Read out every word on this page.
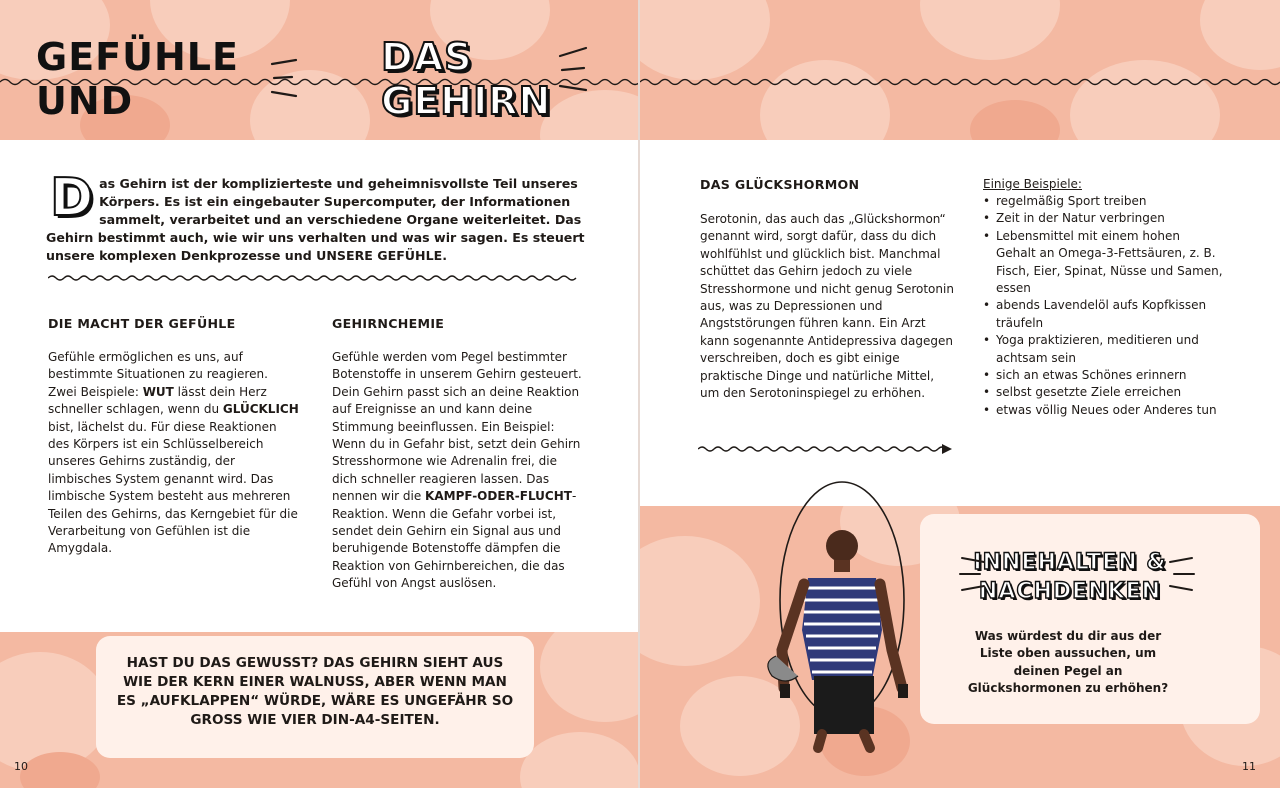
GEFÜHLE UND
DAS GEHIRN
D as Gehirn ist der komplizierteste und geheimnisvollste Teil unseres Körpers. Es ist ein eingebauter Supercomputer, der Informationen sammelt, verarbeitet und an verschiedene Organe weiterleitet. Das Gehirn bestimmt auch, wie wir uns verhalten und was wir sagen. Es steuert unsere komplexen Denkprozesse und UNSERE GEFÜHLE.
DIE MACHT DER GEFÜHLE
Gefühle ermöglichen es uns, auf bestimmte Situationen zu reagieren. Zwei Beispiele: WUT lässt dein Herz schneller schlagen, wenn du GLÜCKLICH bist, lächelst du. Für diese Reaktionen des Körpers ist ein Schlüsselbereich unseres Gehirns zuständig, der limbisches System genannt wird. Das limbische System besteht aus mehreren Teilen des Gehirns, das Kerngebiet für die Verarbeitung von Gefühlen ist die Amygdala.
GEHIRNCHEMIE
Gefühle werden vom Pegel bestimmter Botenstoffe in unserem Gehirn gesteuert. Dein Gehirn passt sich an deine Reaktion auf Ereignisse an und kann deine Stimmung beeinflussen. Ein Beispiel: Wenn du in Gefahr bist, setzt dein Gehirn Stresshormone wie Adrenalin frei, die dich schneller reagieren lassen. Das nennen wir die KAMPF-ODER-FLUCHT-Reaktion. Wenn die Gefahr vorbei ist, sendet dein Gehirn ein Signal aus und beruhigende Botenstoffe dämpfen die Reaktion von Gehirnbereichen, die das Gefühl von Angst auslösen.
HAST DU DAS GEWUSST? DAS GEHIRN SIEHT AUS WIE DER KERN EINER WALNUSS, ABER WENN MAN ES „AUFKLAPPEN“ WÜRDE, WÄRE ES UNGEFÄHR SO GROSS WIE VIER DIN-A4-SEITEN.
10
DAS GLÜCKSHORMON
Serotonin, das auch das „Glückshormon“ genannt wird, sorgt dafür, dass du dich wohlfühlst und glücklich bist. Manchmal schüttet das Gehirn jedoch zu viele Stresshormone und nicht genug Serotonin aus, was zu Depressionen und Angststörungen führen kann. Ein Arzt kann sogenannte Antidepressiva dagegen verschreiben, doch es gibt einige praktische Dinge und natürliche Mittel, um den Serotoninspiegel zu erhöhen.
INNEHALTEN &
NACHDENKEN
Was würdest du dir aus der Liste oben aussuchen, um deinen Pegel an Glückshormonen zu erhöhen?
11
Einige Beispiele:
• regelmäßig Sport treiben
• Zeit in der Natur verbringen
• Lebensmittel mit einem hohen Gehalt an Omega-3-Fettsäuren, z. B. Fisch, Eier, Spinat, Nüsse und Samen, essen
• abends Lavendelöl aufs Kopfkissen träufeln
• Yoga praktizieren, meditieren und achtsam sein
• sich an etwas Schönes erinnern
• selbst gesetzte Ziele erreichen
• etwas völlig Neues oder Anderes tun
